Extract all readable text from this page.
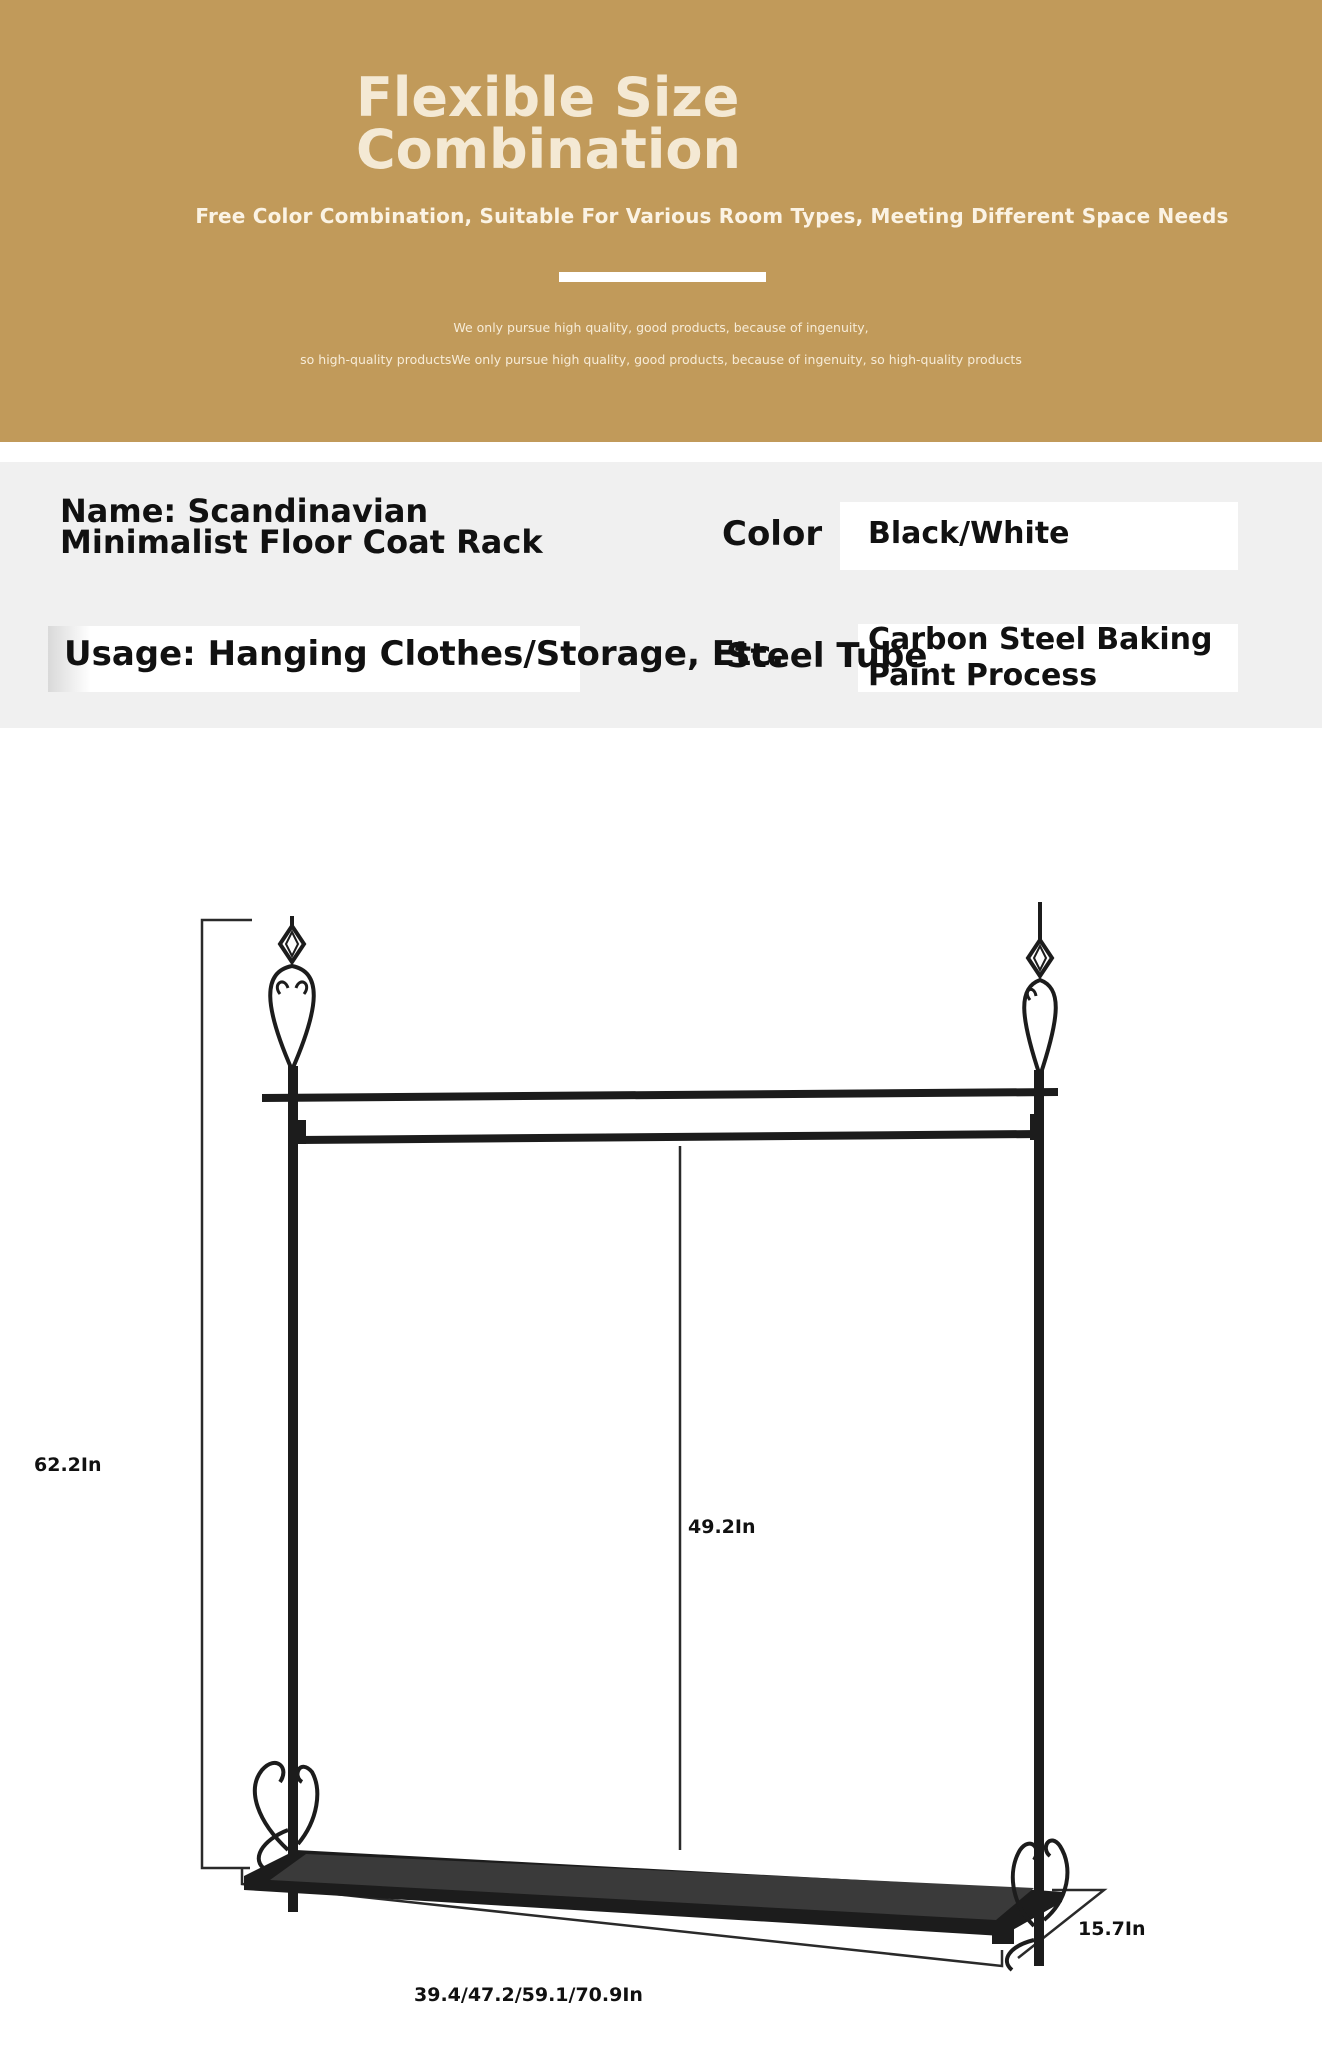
Flexible Size
Combination
Free Color Combination, Suitable For Various Room Types, Meeting Different Space Needs
We only pursue high quality, good products, because of ingenuity,
so high-quality productsWe only pursue high quality, good products, because of ingenuity, so high-quality products
Name: Scandinavian
Minimalist Floor Coat Rack	Color Black/White
Usage: Hanging Clothes/Storage, Etc.
Steel Tube
Carbon Steel Baking
Paint Process
62.2In
49.2In
15.7In
39.4/47.2/59.1/70.9In
